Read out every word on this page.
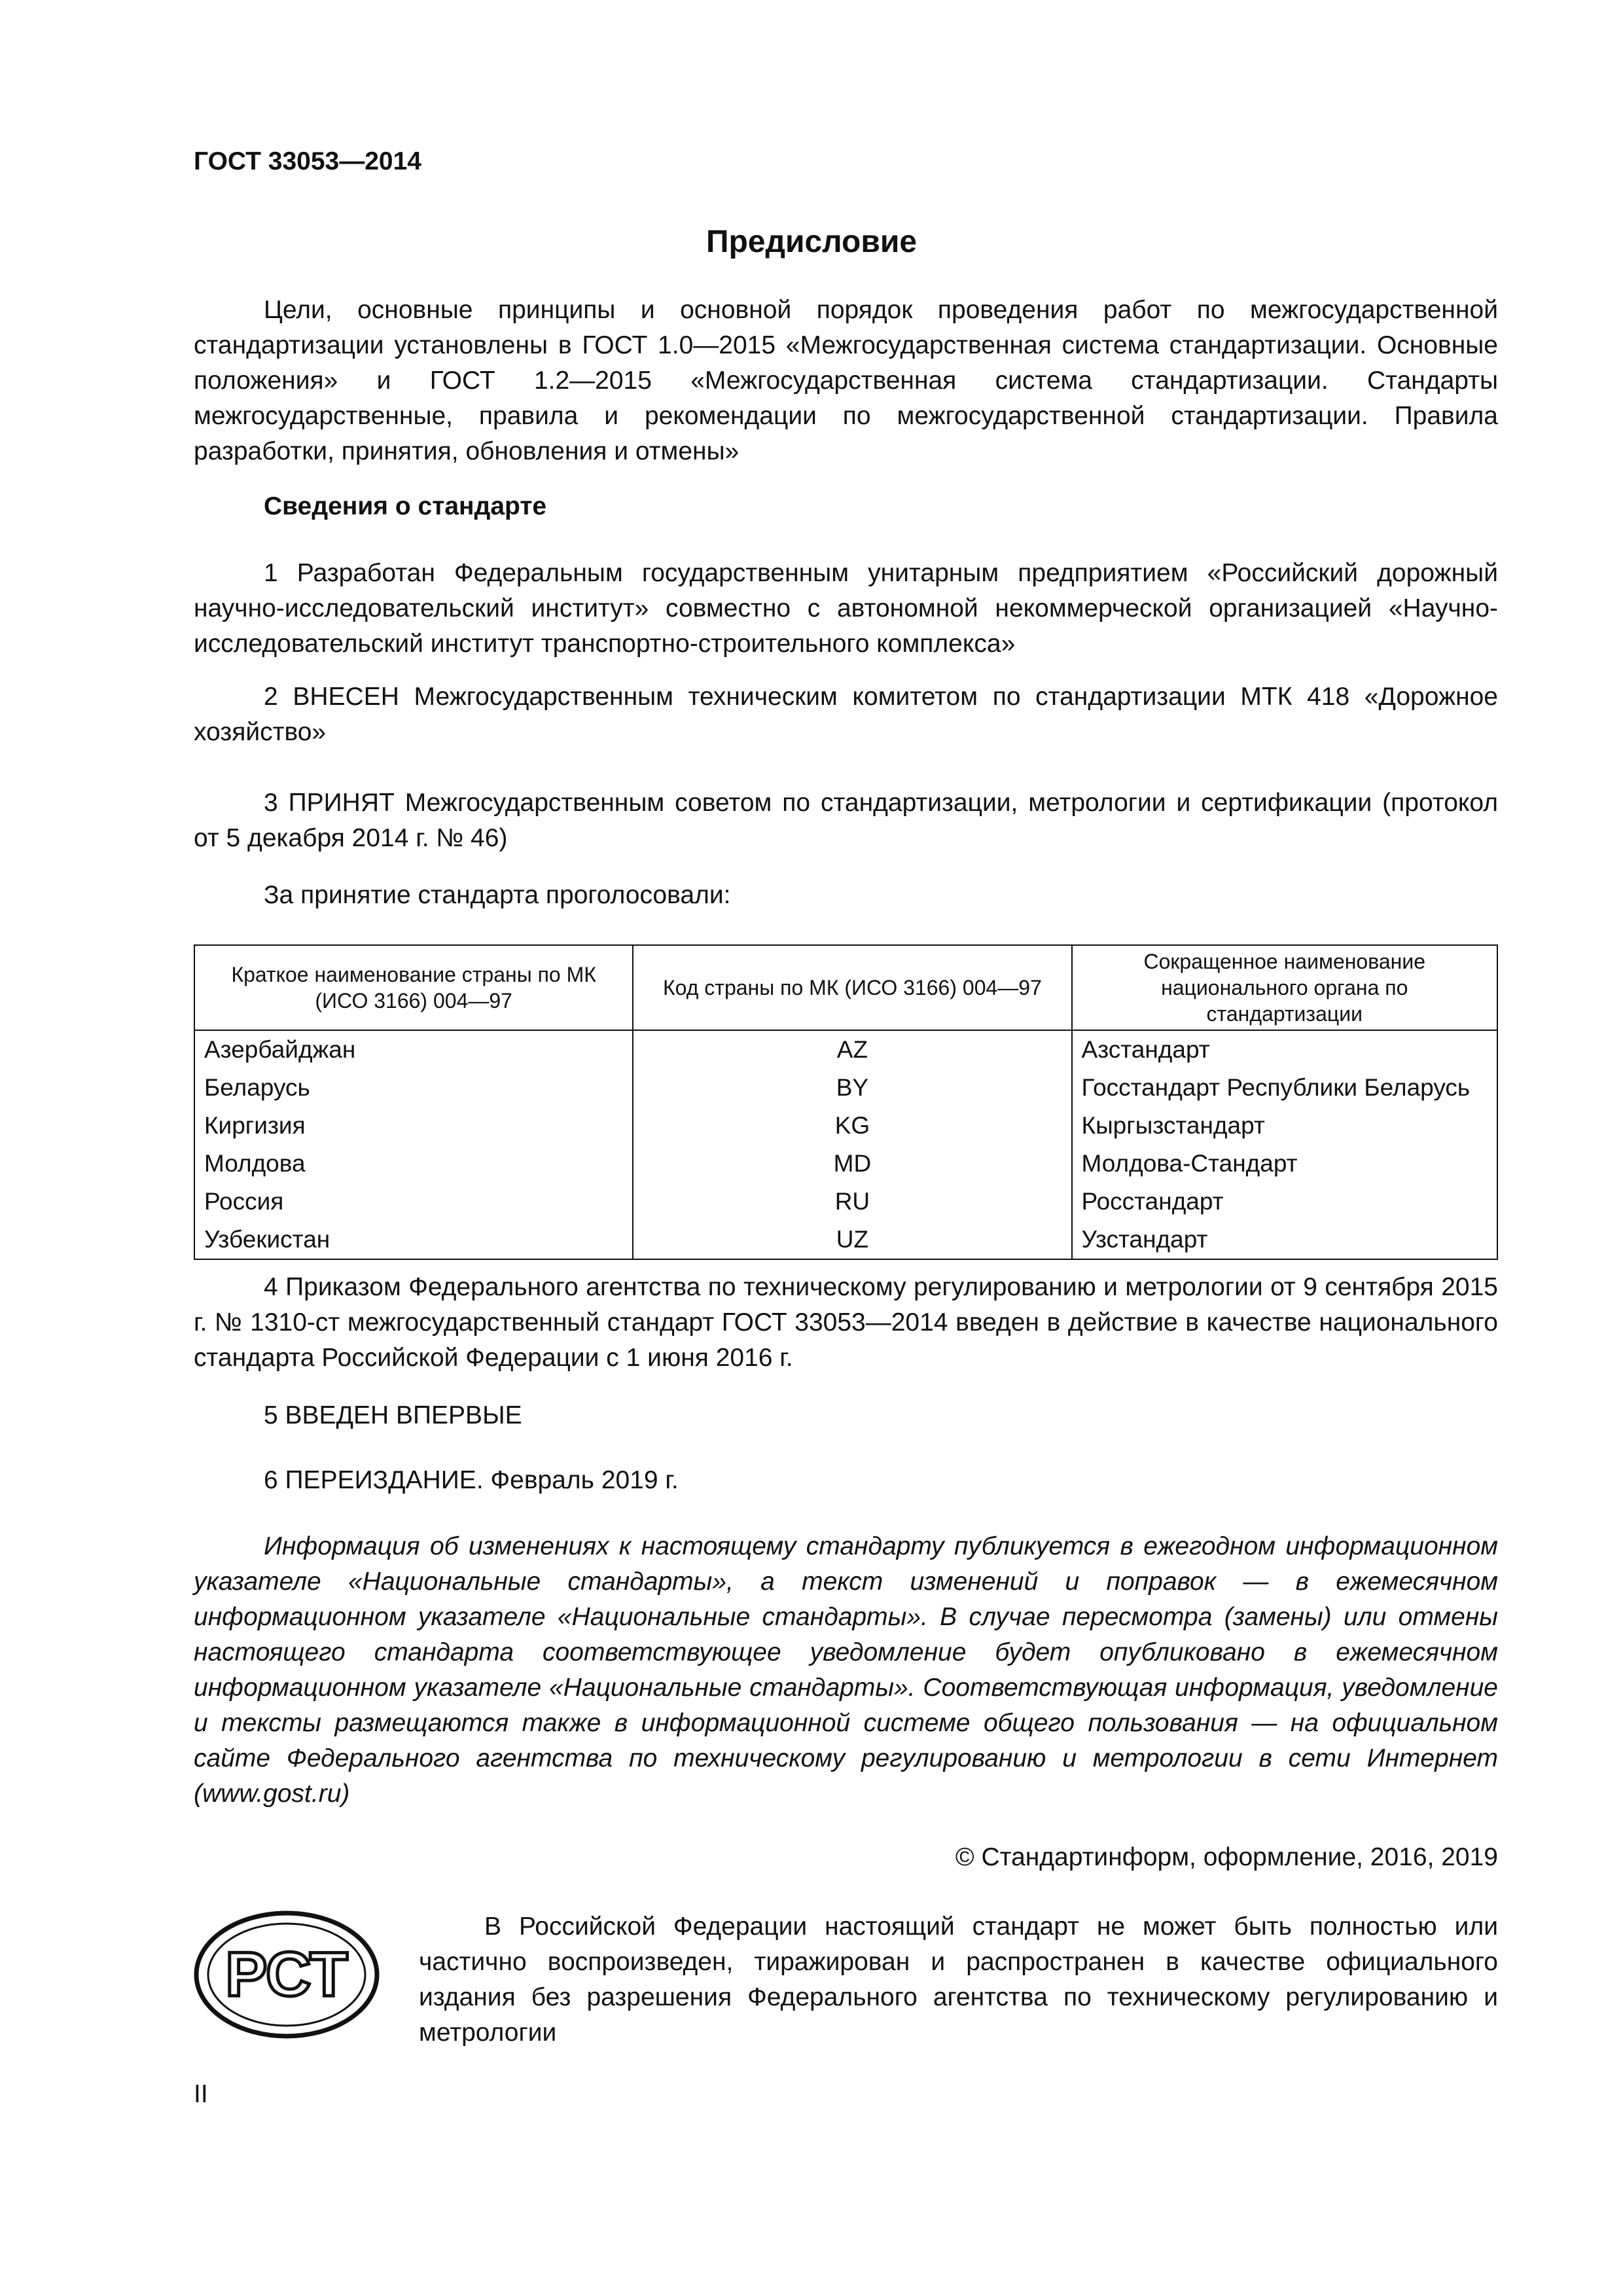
ГОСТ 33053—2014
Предисловие

Цели, основные принципы и основной порядок проведения работ по межгосударственной стандартизации установлены в ГОСТ 1.0—2015 «Межгосударственная система стандартизации. Основные положения» и ГОСТ 1.2—2015 «Межгосударственная система стандартизации. Стандарты межгосударственные, правила и рекомендации по межгосударственной стандартизации. Правила разработки, принятия, обновления и отмены»

Сведения о стандарте

1 Разработан Федеральным государственным унитарным предприятием «Российский дорожный научно-исследовательский институт» совместно с автономной некоммерческой организацией «Научно-исследовательский институт транспортно-строительного комплекса»

2 ВНЕСЕН Межгосударственным техническим комитетом по стандартизации МТК 418 «Дорожное хозяйство»

3 ПРИНЯТ Межгосударственным советом по стандартизации, метрологии и сертификации (протокол от 5 декабря 2014 г. № 46)

За принятие стандарта проголосовали:
Краткое наименование страны по МК (ИСО 3166) 004—97	Код страны по МК (ИСО 3166) 004—97	Сокращенное наименование национального органа по стандартизации
Азербайджан	AZ	Азстандарт
Беларусь	BY	Госстандарт Республики Беларусь
Киргизия	KG	Кыргызстандарт
Молдова	MD	Молдова-Стандарт
Россия	RU	Росстандарт
Узбекистан	UZ	Узстандарт

4 Приказом Федерального агентства по техническому регулированию и метрологии от 9 сентября 2015 г. № 1310-ст межгосударственный стандарт ГОСТ 33053—2014 введен в действие в качестве национального стандарта Российской Федерации с 1 июня 2016 г.

5 ВВЕДЕН ВПЕРВЫЕ
6 ПЕРЕИЗДАНИЕ. Февраль 2019 г.

Информация об изменениях к настоящему стандарту публикуется в ежегодном информационном указателе «Национальные стандарты», а текст изменений и поправок — в ежемесячном информационном указателе «Национальные стандарты». В случае пересмотра (замены) или отмены настоящего стандарта соответствующее уведомление будет опубликовано в ежемесячном информационном указателе «Национальные стандарты». Соответствующая информация, уведомление и тексты размещаются также в информационной системе общего пользования — на официальном сайте Федерального агентства по техническому регулированию и метрологии в сети Интернет (www.gost.ru)

© Стандартинформ, оформление, 2016, 2019
РСТ

В Российской Федерации настоящий стандарт не может быть полностью или частично воспроизведен, тиражирован и распространен в качестве официального издания без разрешения Федерального агентства по техническому регулированию и метрологии

II
